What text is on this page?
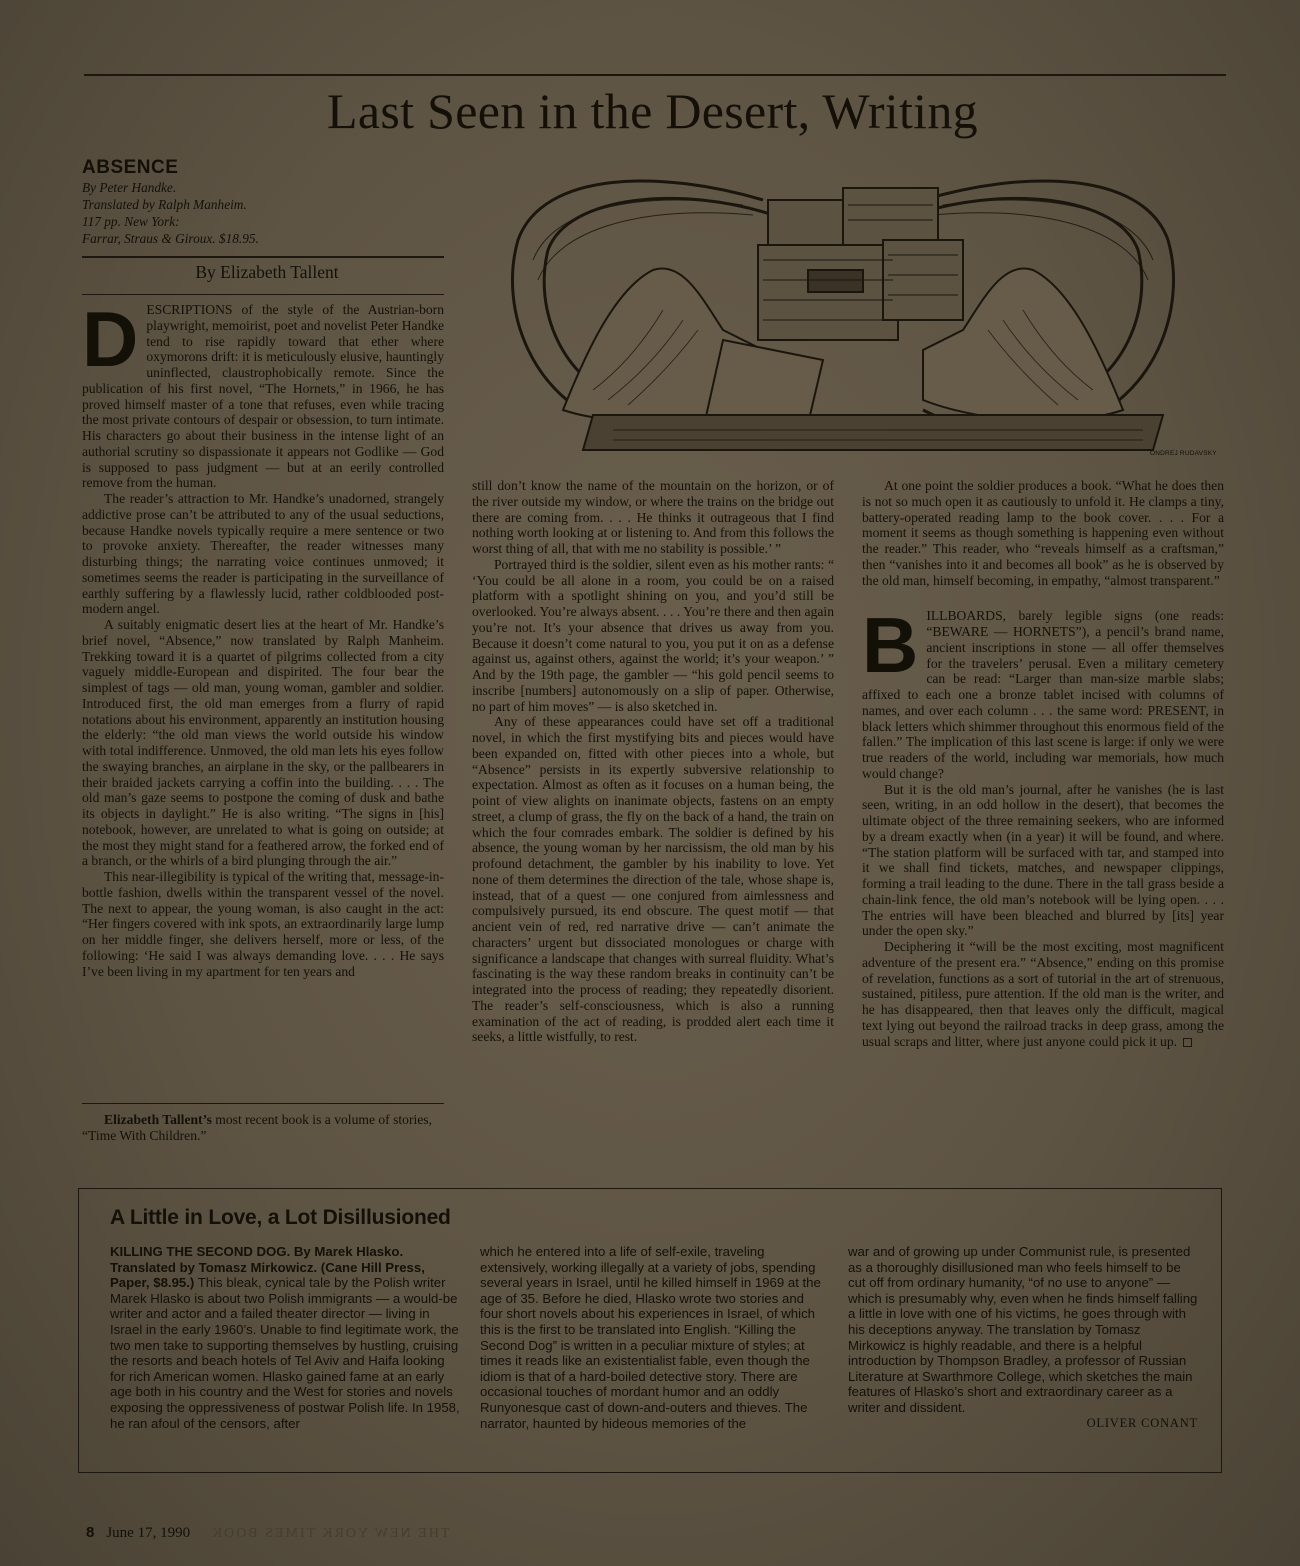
Last Seen in the Desert, Writing
ABSENCE
By Peter Handke.
Translated by Ralph Manheim.
117 pp. New York:
Farrar, Straus & Giroux. $18.95.
By Elizabeth Tallent
ONDREJ RUDAVSKY

DESCRIPTIONS of the style of the Austrian-born playwright, memoirist, poet and novelist Peter Handke tend to rise rapidly toward that ether where oxymorons drift: it is meticulously elusive, hauntingly uninflected, claustrophobically remote. Since the publication of his first novel, “The Hornets,” in 1966, he has proved himself master of a tone that refuses, even while tracing the most private contours of despair or obsession, to turn intimate. His characters go about their business in the intense light of an authorial scrutiny so dispassionate it appears not Godlike — God is supposed to pass judgment — but at an eerily controlled remove from the human.

The reader’s attraction to Mr. Handke’s unadorned, strangely addictive prose can’t be attributed to any of the usual seductions, because Handke novels typically require a mere sentence or two to provoke anxiety. Thereafter, the reader witnesses many disturbing things; the narrating voice continues unmoved; it sometimes seems the reader is participating in the surveillance of earthly suffering by a flawlessly lucid, rather coldblooded post-modern angel.

A suitably enigmatic desert lies at the heart of Mr. Handke’s brief novel, “Absence,” now translated by Ralph Manheim. Trekking toward it is a quartet of pilgrims collected from a city vaguely middle-European and dispirited. The four bear the simplest of tags — old man, young woman, gambler and soldier. Introduced first, the old man emerges from a flurry of rapid notations about his environment, apparently an institution housing the elderly: “the old man views the world outside his window with total indifference. Unmoved, the old man lets his eyes follow the swaying branches, an airplane in the sky, or the pallbearers in their braided jackets carrying a coffin into the building. . . . The old man’s gaze seems to postpone the coming of dusk and bathe its objects in daylight.” He is also writing. “The signs in [his] notebook, however, are unrelated to what is going on outside; at the most they might stand for a feathered arrow, the forked end of a branch, or the whirls of a bird plunging through the air.”

This near-illegibility is typical of the writing that, message-in-bottle fashion, dwells within the transparent vessel of the novel. The next to appear, the young woman, is also caught in the act: “Her fingers covered with ink spots, an extraordinarily large lump on her middle finger, she delivers herself, more or less, of the following: ‘He said I was always demanding love. . . . He says I’ve been living in my apartment for ten years and

Elizabeth Tallent’s most recent book is a volume of stories, “Time With Children.”

still don’t know the name of the mountain on the horizon, or of the river outside my window, or where the trains on the bridge out there are coming from. . . . He thinks it outrageous that I find nothing worth looking at or listening to. And from this follows the worst thing of all, that with me no stability is possible.’ ”

Portrayed third is the soldier, silent even as his mother rants: “ ‘You could be all alone in a room, you could be on a raised platform with a spotlight shining on you, and you’d still be overlooked. You’re always absent. . . . You’re there and then again you’re not. It’s your absence that drives us away from you. Because it doesn’t come natural to you, you put it on as a defense against us, against others, against the world; it’s your weapon.’ ” And by the 19th page, the gambler — “his gold pencil seems to inscribe [numbers] autonomously on a slip of paper. Otherwise, no part of him moves” — is also sketched in.

Any of these appearances could have set off a traditional novel, in which the first mystifying bits and pieces would have been expanded on, fitted with other pieces into a whole, but “Absence” persists in its expertly subversive relationship to expectation. Almost as often as it focuses on a human being, the point of view alights on inanimate objects, fastens on an empty street, a clump of grass, the fly on the back of a hand, the train on which the four comrades embark. The soldier is defined by his absence, the young woman by her narcissism, the old man by his profound detachment, the gambler by his inability to love. Yet none of them determines the direction of the tale, whose shape is, instead, that of a quest — one conjured from aimlessness and compulsively pursued, its end obscure. The quest motif — that ancient vein of red, red narrative drive — can’t animate the characters’ urgent but dissociated monologues or charge with significance a landscape that changes with surreal fluidity. What’s fascinating is the way these random breaks in continuity can’t be integrated into the process of reading; they repeatedly disorient. The reader’s self-consciousness, which is also a running examination of the act of reading, is prodded alert each time it seeks, a little wistfully, to rest.

At one point the soldier produces a book. “What he does then is not so much open it as cautiously to unfold it. He clamps a tiny, battery-operated reading lamp to the book cover. . . . For a moment it seems as though something is happening even without the reader.” This reader, who “reveals himself as a craftsman,” then “vanishes into it and becomes all book” as he is observed by the old man, himself becoming, in empathy, “almost transparent.”

BILLBOARDS, barely legible signs (one reads: “BEWARE — HORNETS”), a pencil’s brand name, ancient inscriptions in stone — all offer themselves for the travelers’ perusal. Even a military cemetery can be read: “Larger than man-size marble slabs; affixed to each one a bronze tablet incised with columns of names, and over each column . . . the same word: PRESENT, in black letters which shimmer throughout this enormous field of the fallen.” The implication of this last scene is large: if only we were true readers of the world, including war memorials, how much would change?

But it is the old man’s journal, after he vanishes (he is last seen, writing, in an odd hollow in the desert), that becomes the ultimate object of the three remaining seekers, who are informed by a dream exactly when (in a year) it will be found, and where. “The station platform will be surfaced with tar, and stamped into it we shall find tickets, matches, and newspaper clippings, forming a trail leading to the dune. There in the tall grass beside a chain-link fence, the old man’s notebook will be lying open. . . . The entries will have been bleached and blurred by [its] year under the open sky.”

Deciphering it “will be the most exciting, most magnificent adventure of the present era.” “Absence,” ending on this promise of revelation, functions as a sort of tutorial in the art of strenuous, sustained, pitiless, pure attention. If the old man is the writer, and he has disappeared, then that leaves only the difficult, magical text lying out beyond the railroad tracks in deep grass, among the usual scraps and litter, where just anyone could pick it up.

A Little in Love, a Lot Disillusioned
KILLING THE SECOND DOG. By Marek Hlasko. Translated by Tomasz Mirkowicz. (Cane Hill Press, Paper, $8.95.) This bleak, cynical tale by the Polish writer Marek Hlasko is about two Polish immigrants — a would-be writer and actor and a failed theater director — living in Israel in the early 1960’s. Unable to find legitimate work, the two men take to supporting themselves by hustling, cruising the resorts and beach hotels of Tel Aviv and Haifa looking for rich American women. Hlasko gained fame at an early age both in his country and the West for stories and novels exposing the oppressiveness of postwar Polish life. In 1958, he ran afoul of the censors, after
which he entered into a life of self-exile, traveling extensively, working illegally at a variety of jobs, spending several years in Israel, until he killed himself in 1969 at the age of 35. Before he died, Hlasko wrote two stories and four short novels about his experiences in Israel, of which this is the first to be translated into English. “Killing the Second Dog” is written in a peculiar mixture of styles; at times it reads like an existentialist fable, even though the idiom is that of a hard-boiled detective story. There are occasional touches of mordant humor and an oddly Runyonesque cast of down-and-outers and thieves. The narrator, haunted by hideous memories of the
war and of growing up under Communist rule, is presented as a thoroughly disillusioned man who feels himself to be cut off from ordinary humanity, “of no use to anyone” — which is presumably why, even when he finds himself falling a little in love with one of his victims, he goes through with his deceptions anyway. The translation by Tomasz Mirkowicz is highly readable, and there is a helpful introduction by Thompson Bradley, a professor of Russian Literature at Swarthmore College, which sketches the main features of Hlasko’s short and extraordinary career as a writer and dissident.
OLIVER CONANT
8 June 17, 1990 THE NEW YORK TIMES BOOK
